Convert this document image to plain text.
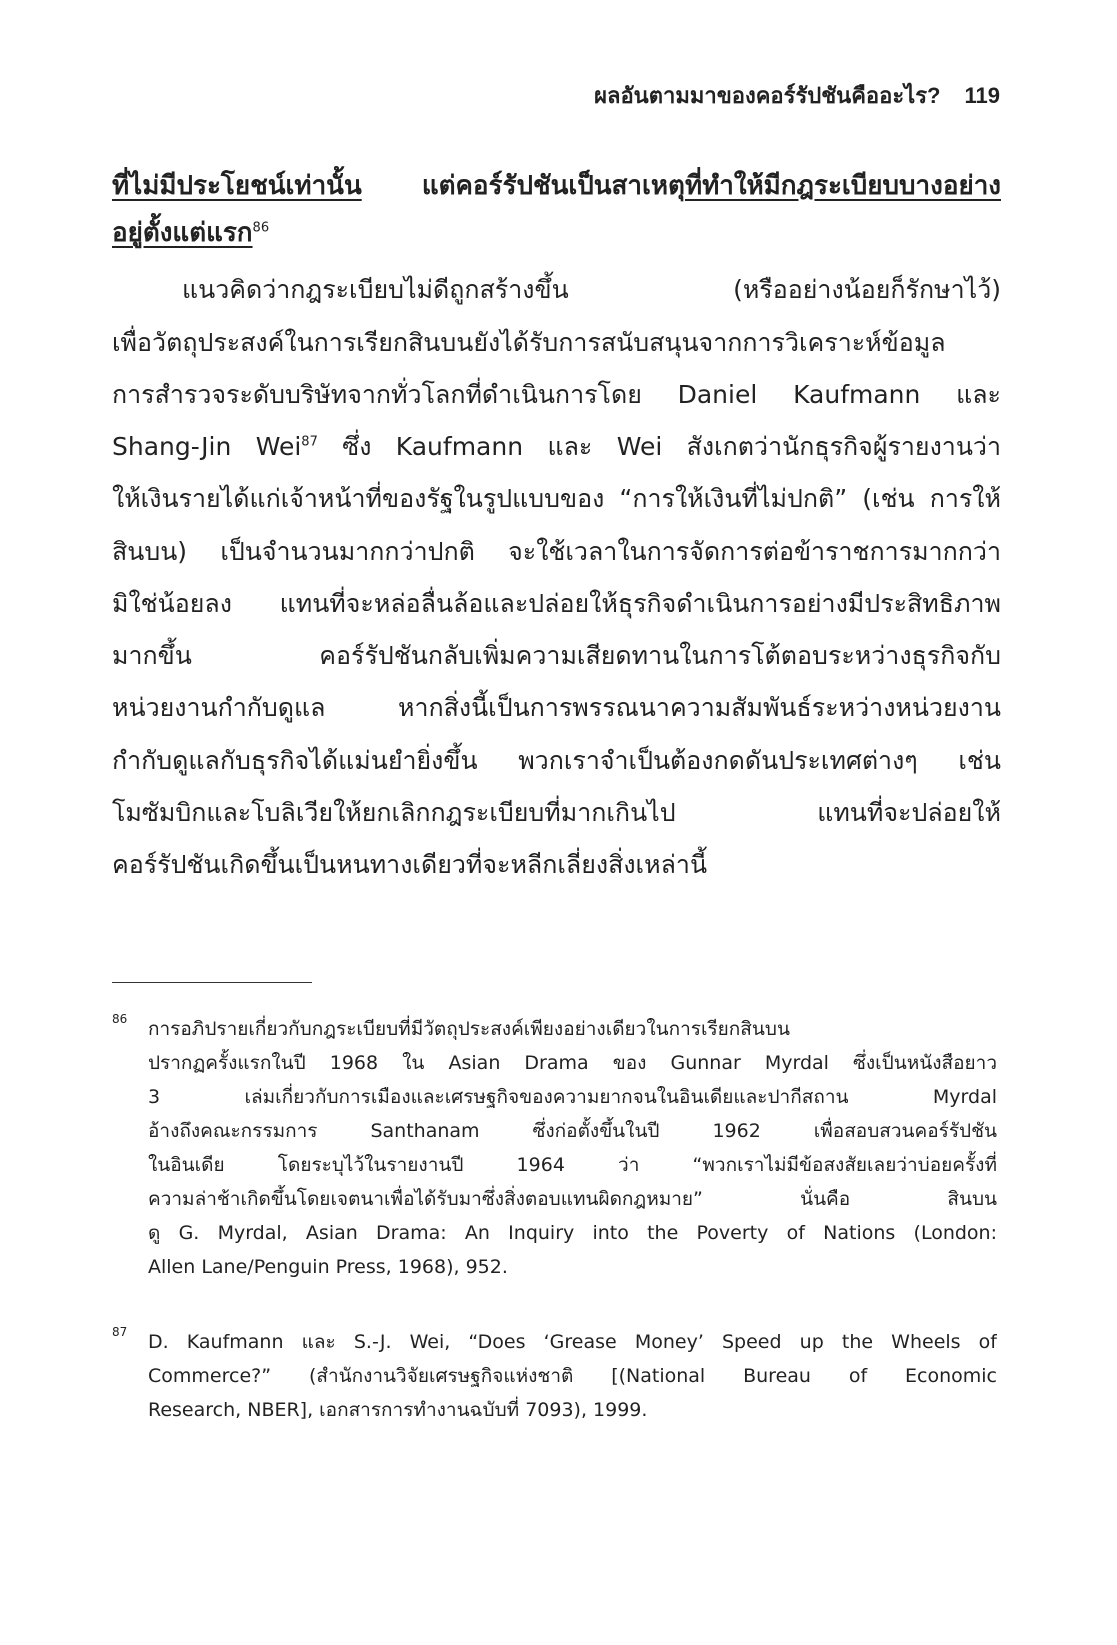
ผลอันตามมาของคอร์รัปชันคืออะไร? 119
ที่ไม่มีประโยชน์เท่านั้น แต่คอร์รัปชันเป็นสาเหตุที่ทำให้มีกฎระเบียบบางอย่าง
อยู่ตั้งแต่แรก$^{86}$
แนวคิดว่ากฎระเบียบไม่ดีถูกสร้างขึ้น (หรืออย่างน้อยก็รักษาไว้)
เพื่อวัตถุประสงค์ในการเรียกสินบนยังได้รับการสนับสนุนจากการวิเคราะห์ข้อมูล
การสำรวจระดับบริษัทจากทั่วโลกที่ดำเนินการโดย Daniel Kaufmann และ
Shang-Jin Wei$^{87}$ ซึ่ง Kaufmann และ Wei สังเกตว่านักธุรกิจผู้รายงานว่า
ให้เงินรายได้แก่เจ้าหน้าที่ของรัฐในรูปแบบของ “การให้เงินที่ไม่ปกติ” (เช่น การให้
สินบน) เป็นจำนวนมากกว่าปกติ จะใช้เวลาในการจัดการต่อข้าราชการมากกว่า
มิใช่น้อยลง แทนที่จะหล่อลื่นล้อและปล่อยให้ธุรกิจดำเนินการอย่างมีประสิทธิภาพ
มากขึ้น คอร์รัปชันกลับเพิ่มความเสียดทานในการโต้ตอบระหว่างธุรกิจกับ
หน่วยงานกำกับดูแล หากสิ่งนี้เป็นการพรรณนาความสัมพันธ์ระหว่างหน่วยงาน
กำกับดูแลกับธุรกิจได้แม่นยำยิ่งขึ้น พวกเราจำเป็นต้องกดดันประเทศต่างๆ เช่น
โมซัมบิกและโบลิเวียให้ยกเลิกกฎระเบียบที่มากเกินไป แทนที่จะปล่อยให้
คอร์รัปชันเกิดขึ้นเป็นหนทางเดียวที่จะหลีกเลี่ยงสิ่งเหล่านี้
86 การอภิปรายเกี่ยวกับกฎระเบียบที่มีวัตถุประสงค์เพียงอย่างเดียวในการเรียกสินบน
ปรากฏครั้งแรกในปี 1968 ใน Asian Drama ของ Gunnar Myrdal ซึ่งเป็นหนังสือยาว
3 เล่มเกี่ยวกับการเมืองและเศรษฐกิจของความยากจนในอินเดียและปากีสถาน Myrdal
อ้างถึงคณะกรรมการ Santhanam ซึ่งก่อตั้งขึ้นในปี 1962 เพื่อสอบสวนคอร์รัปชัน
ในอินเดีย โดยระบุไว้ในรายงานปี 1964 ว่า “พวกเราไม่มีข้อสงสัยเลยว่าบ่อยครั้งที่
ความล่าช้าเกิดขึ้นโดยเจตนาเพื่อได้รับมาซึ่งสิ่งตอบแทนผิดกฎหมาย” นั่นคือ สินบน
ดู G. Myrdal, Asian Drama: An Inquiry into the Poverty of Nations (London:
Allen Lane/Penguin Press, 1968), 952.
87 D. Kaufmann และ S.-J. Wei, “Does ‘Grease Money’ Speed up the Wheels of
Commerce?” (สำนักงานวิจัยเศรษฐกิจแห่งชาติ [(National Bureau of Economic
Research, NBER], เอกสารการทำงานฉบับที่ 7093), 1999.
